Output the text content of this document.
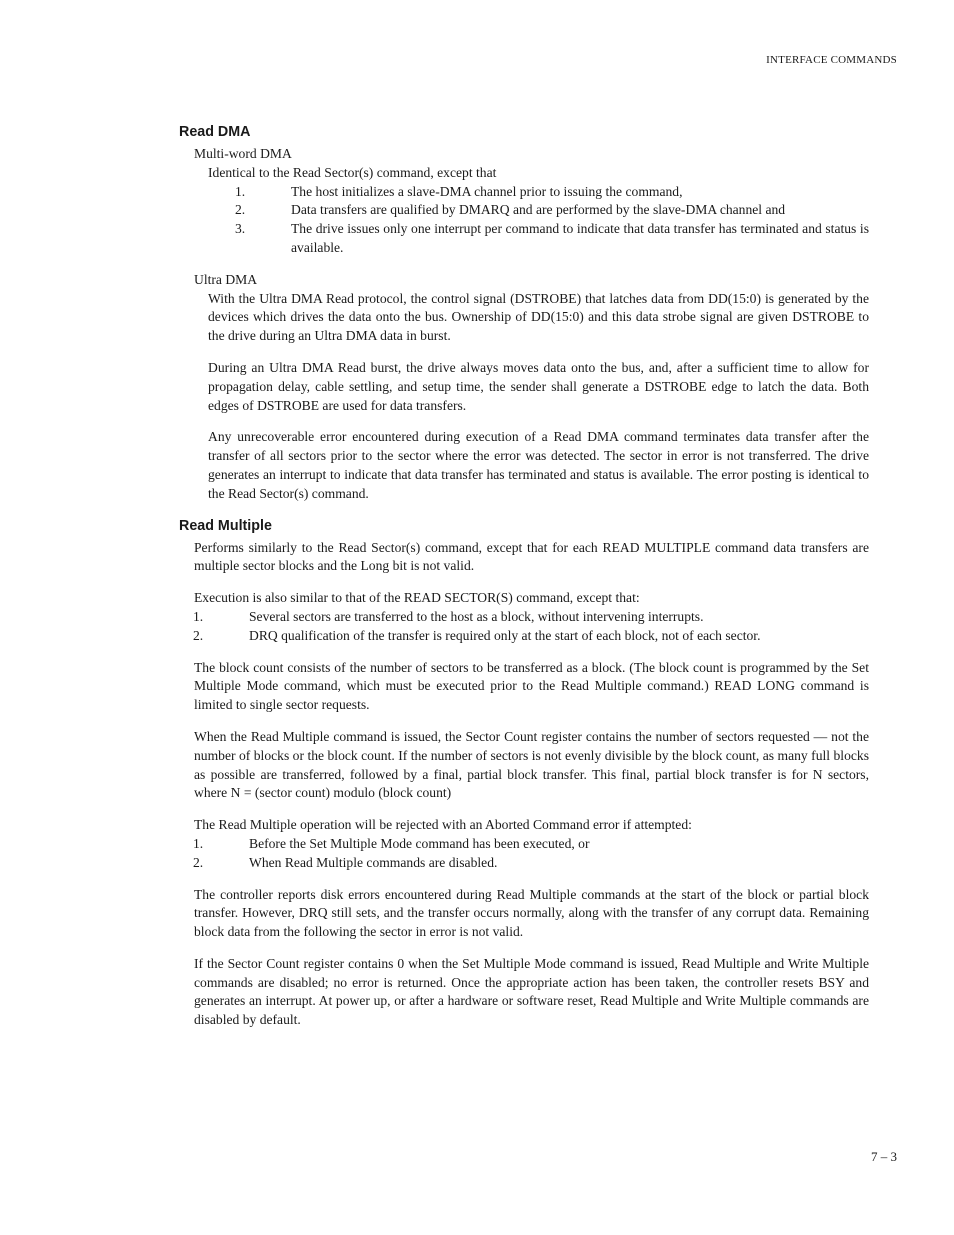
INTERFACE COMMANDS
Read DMA

Multi-word DMA

Identical to the Read Sector(s) command, except that

1.	The host initializes a slave-DMA channel prior to issuing the command,
2.	Data transfers are qualified by DMARQ and are performed by the slave-DMA channel and
3.	The drive issues only one interrupt per command to indicate that data transfer has terminated and status is available.

Ultra DMA

With the Ultra DMA Read protocol, the control signal (DSTROBE) that latches data from DD(15:0) is generated by the devices which drives the data onto the bus. Ownership of DD(15:0) and this data strobe signal are given DSTROBE to the drive during an Ultra DMA data in burst.

During an Ultra DMA Read burst, the drive always moves data onto the bus, and, after a sufficient time to allow for propagation delay, cable settling, and setup time, the sender shall generate a DSTROBE edge to latch the data. Both edges of DSTROBE are used for data transfers.

Any unrecoverable error encountered during execution of a Read DMA command terminates data transfer after the transfer of all sectors prior to the sector where the error was detected. The sector in error is not transferred. The drive generates an interrupt to indicate that data transfer has terminated and status is available. The error posting is identical to the Read Sector(s) command.

Read Multiple

Performs similarly to the Read Sector(s) command, except that for each READ MULTIPLE command data transfers are multiple sector blocks and the Long bit is not valid.

Execution is also similar to that of the READ SECTOR(S) command, except that:

1.	Several sectors are transferred to the host as a block, without intervening interrupts.
2.	DRQ qualification of the transfer is required only at the start of each block, not of each sector.

The block count consists of the number of sectors to be transferred as a block. (The block count is programmed by the Set Multiple Mode command, which must be executed prior to the Read Multiple command.) READ LONG command is limited to single sector requests.

When the Read Multiple command is issued, the Sector Count register contains the number of sectors requested — not the number of blocks or the block count. If the number of sectors is not evenly divisible by the block count, as many full blocks as possible are transferred, followed by a final, partial block transfer. This final, partial block transfer is for N sectors, where N = (sector count) modulo (block count)

The Read Multiple operation will be rejected with an Aborted Command error if attempted:

1.	Before the Set Multiple Mode command has been executed, or
2.	When Read Multiple commands are disabled.

The controller reports disk errors encountered during Read Multiple commands at the start of the block or partial block transfer. However, DRQ still sets, and the transfer occurs normally, along with the transfer of any corrupt data. Remaining block data from the following the sector in error is not valid.

If the Sector Count register contains 0 when the Set Multiple Mode command is issued, Read Multiple and Write Multiple commands are disabled; no error is returned. Once the appropriate action has been taken, the controller resets BSY and generates an interrupt. At power up, or after a hardware or software reset, Read Multiple and Write Multiple commands are disabled by default.

7 – 3
